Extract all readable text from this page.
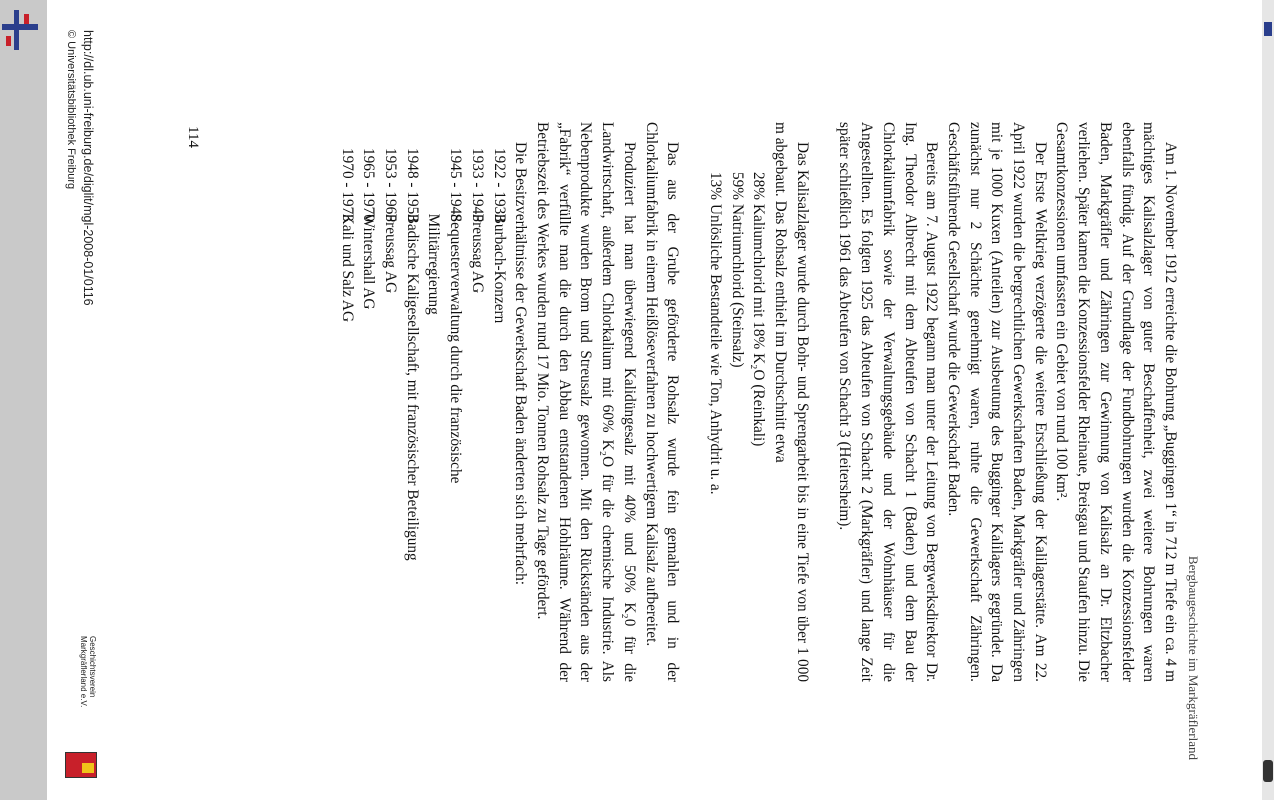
Bergbaugeschichte im Markgräflerland

Am 1. November 1912 erreichte die Bohrung „Buggingen 1“ in 712 m Tiefe ein ca. 4 m mächtiges Kalisalzlager von guter Beschaffenheit, zwei weitere Bohrungen waren ebenfalls fündig. Auf der Grundlage der Fundbohrungen wurden die Konzessionsfelder Baden, Markgräfler und Zähringen zur Gewinnung von Kalisalz an Dr. Eltzbacher verliehen. Später kamen die Konzessionsfelder Rheinaue, Breisgau und Staufen hinzu. Die Gesamtkonzessionen umfassten ein Gebiet von rund 100 km².

Der Erste Weltkrieg verzögerte die weitere Erschließung der Kalilagerstätte. Am 22. April 1922 wurden die bergrechtlichen Gewerkschaften Baden, Markgräfler und Zähringen mit je 1000 Kuxen (Anteilen) zur Ausbeutung des Bugginger Kalilagers gegründet. Da zunächst nur 2 Schächte genehmigt waren, ruhte die Gewerkschaft Zähringen. Geschäftsführende Gesellschaft wurde die Gewerkschaft Baden.

Bereits am 7. August 1922 begann man unter der Leitung von Bergwerksdirektor Dr. Ing. Theodor Albrecht mit dem Abteufen von Schacht 1 (Baden) und dem Bau der Chlorkaliumfabrik sowie der Verwaltungsgebäude und der Wohnhäuser für die Angestellten. Es folgten 1925 das Abteufen von Schacht 2 (Markgräfler) und lange Zeit später schließlich 1961 das Abteufen von Schacht 3 (Heitersheim).

Das Kalisalzlager wurde durch Bohr- und Sprengarbeit bis in eine Tiefe von über 1 000 m abgebaut. Das Rohsalz enthielt im Durchschnitt etwa

28%
Kaliumchlorid mit 18% K₂O (Reinkali)
59%
Natriumchlorid (Steinsalz)
13%
Unlösliche Bestandteile wie Ton, Anhydrit u. a.

Das aus der Grube geförderte Rohsalz wurde fein gemahlen und in der Chlorkaliumfabrik in einem Heißlöseverfahren zu hochwertigem Kalisalz aufbereitet.

Produziert hat man überwiegend Kalidüngesalz mit 40% und 50% K₂0 für die Landwirtschaft, außerdem Chlorkalium mit 60% K₂O für die chemische Industrie. Als Nebenprodukte wurden Brom und Streusalz gewonnen. Mit den Rückständen aus der „Fabrik“ verfüllte man die durch den Abbau entstandenen Hohlräume. Während der Betriebszeit des Werkes wurden rund 17 Mio. Tonnen Rohsalz zu Tage gefördert.

Die Besitzverhältnisse der Gewerkschaft Baden änderten sich mehrfach:

1922 - 1933

Burbach-Konzern
1933 - 1945

Preussag AG
1945 - 1948

Sequesterverwaltung durch die französische

Militärregierung
1948 - 1953

Badische Kaligesellschaft, mit französischer Beteiligung
1953 - 1965

Preussag AG
1965 - 1970

Wintershall AG
1970 - 1973

Kali und Salz AG
114
http://dl.ub.uni-freiburg.de/diglit/mgl-2008-01/0116
© Universitätsbibliothek Freiburg
Geschichtsverein
Markgräflerland e.V.
